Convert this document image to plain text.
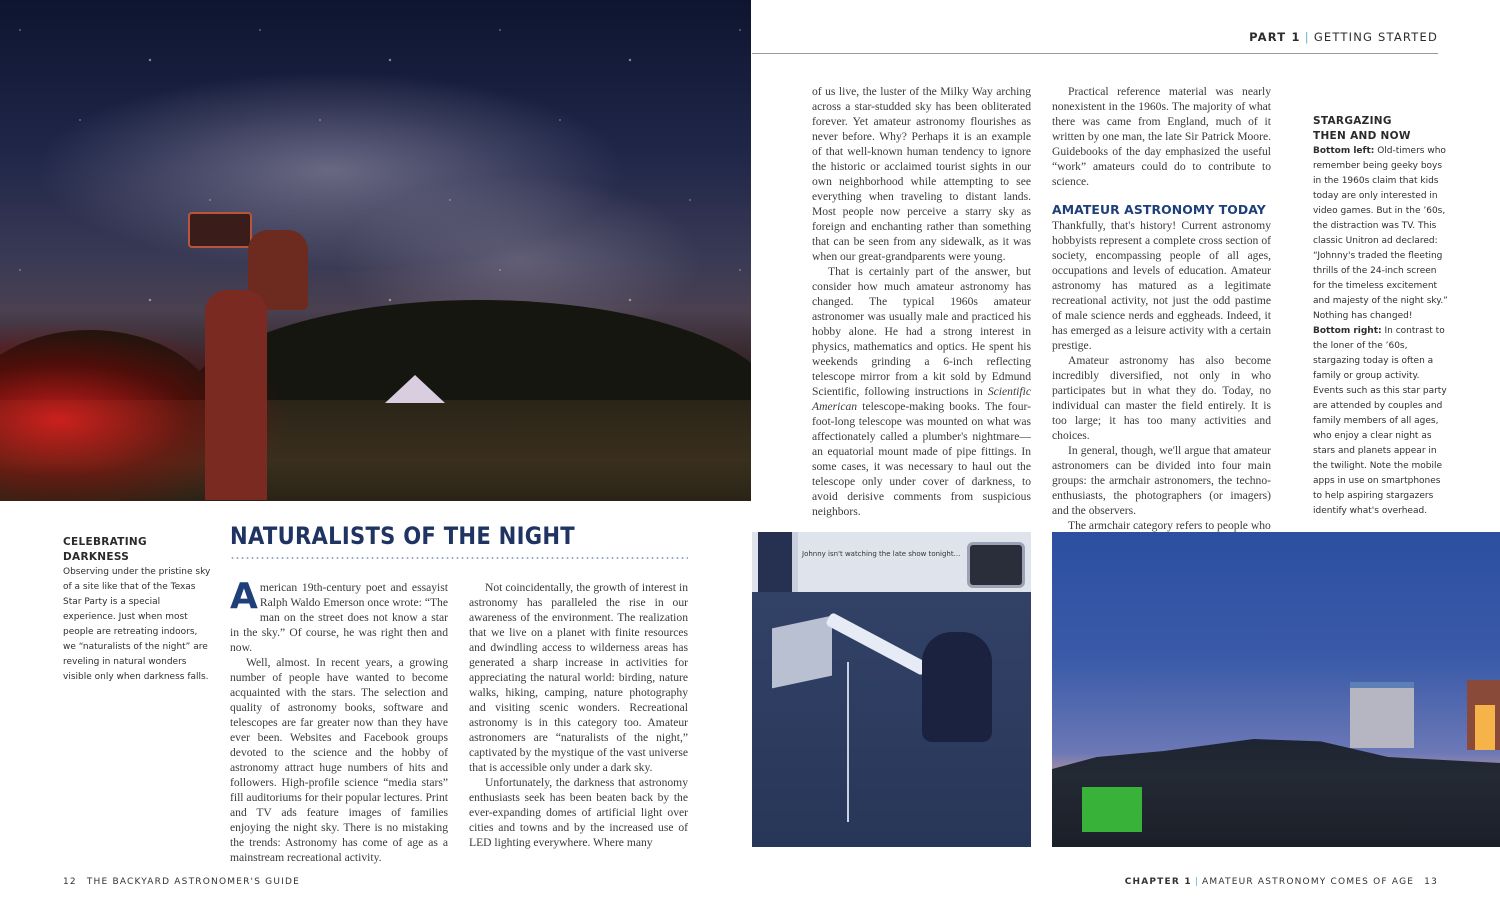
Johnny isn't watching the late show tonight...
PART 1 | GETTING STARTED

of us live, the luster of the Milky Way arching across a star-studded sky has been obliterated forever. Yet amateur astronomy flourishes as never before. Why? Perhaps it is an example of that well-known human tendency to ignore the historic or acclaimed tourist sights in our own neighborhood while attempting to see everything when traveling to distant lands. Most people now perceive a starry sky as foreign and enchanting rather than something that can be seen from any sidewalk, as it was when our great-grandparents were young.

That is certainly part of the answer, but consider how much amateur astronomy has changed. The typical 1960s amateur astronomer was usually male and practiced his hobby alone. He had a strong interest in physics, mathematics and optics. He spent his weekends grinding a 6-inch reflecting telescope mirror from a kit sold by Edmund Scientific, following instructions in Scientific American telescope-making books. The four-foot-long telescope was mounted on what was affectionately called a plumber's nightmare—an equatorial mount made of pipe fittings. In some cases, it was necessary to haul out the telescope only under cover of darkness, to avoid derisive comments from suspicious neighbors.

Practical reference material was nearly nonexistent in the 1960s. The majority of what there was came from England, much of it written by one man, the late Sir Patrick Moore. Guidebooks of the day emphasized the useful “work” amateurs could do to contribute to science.

AMATEUR ASTRONOMY TODAY

Thankfully, that's history! Current astronomy hobbyists represent a complete cross section of society, encompassing people of all ages, occupations and levels of education. Amateur astronomy has matured as a legitimate recreational activity, not just the odd pastime of male science nerds and eggheads. Indeed, it has emerged as a leisure activity with a certain prestige.

Amateur astronomy has also become incredibly diversified, not only in who participates but in what they do. Today, no individual can master the field entirely. It is too large; it has too many activities and choices.

In general, though, we'll argue that amateur astronomers can be divided into four main groups: the armchair astronomers, the techno-enthusiasts, the photographers (or imagers) and the observers.

The armchair category refers to people who

STARGAZING
THEN AND NOW
Bottom left: Old-timers who remember being geeky boys in the 1960s claim that kids today are only interested in video games. But in the ’60s, the distraction was TV. This classic Unitron ad declared: “Johnny's traded the fleeting thrills of the 24-inch screen for the timeless excitement and majesty of the night sky.” Nothing has changed! Bottom right: In contrast to the loner of the ’60s, stargazing today is often a family or group activity. Events such as this star party are attended by couples and family members of all ages, who enjoy a clear night as stars and planets appear in the twilight. Note the mobile apps in use on smartphones to help aspiring stargazers identify what's overhead.
CELEBRATING DARKNESS
Observing under the pristine sky of a site like that of the Texas Star Party is a special experience. Just when most people are retreating indoors, we “naturalists of the night” are reveling in natural wonders visible only when darkness falls.
NATURALISTS OF THE NIGHT

American 19th-century poet and essayist Ralph Waldo Emerson once wrote: “The man on the street does not know a star in the sky.” Of course, he was right then and now.

Well, almost. In recent years, a growing number of people have wanted to become acquainted with the stars. The selection and quality of astronomy books, software and telescopes are far greater now than they have ever been. Websites and Facebook groups devoted to the science and the hobby of astronomy attract huge numbers of hits and followers. High-profile science “media stars” fill auditoriums for their popular lectures. Print and TV ads feature images of families enjoying the night sky. There is no mistaking the trends: Astronomy has come of age as a mainstream recreational activity.

Not coincidentally, the growth of interest in astronomy has paralleled the rise in our awareness of the environment. The realization that we live on a planet with finite resources and dwindling access to wilderness areas has generated a sharp increase in activities for appreciating the natural world: birding, nature walks, hiking, camping, nature photography and visiting scenic wonders. Recreational astronomy is in this category too. Amateur astronomers are “naturalists of the night,” captivated by the mystique of the vast universe that is accessible only under a dark sky.

Unfortunately, the darkness that astronomy enthusiasts seek has been beaten back by the ever-expanding domes of artificial light over cities and towns and by the increased use of LED lighting everywhere. Where many

12 THE BACKYARD ASTRONOMER'S GUIDE	CHAPTER 1 | AMATEUR ASTRONOMY COMES OF AGE 13
